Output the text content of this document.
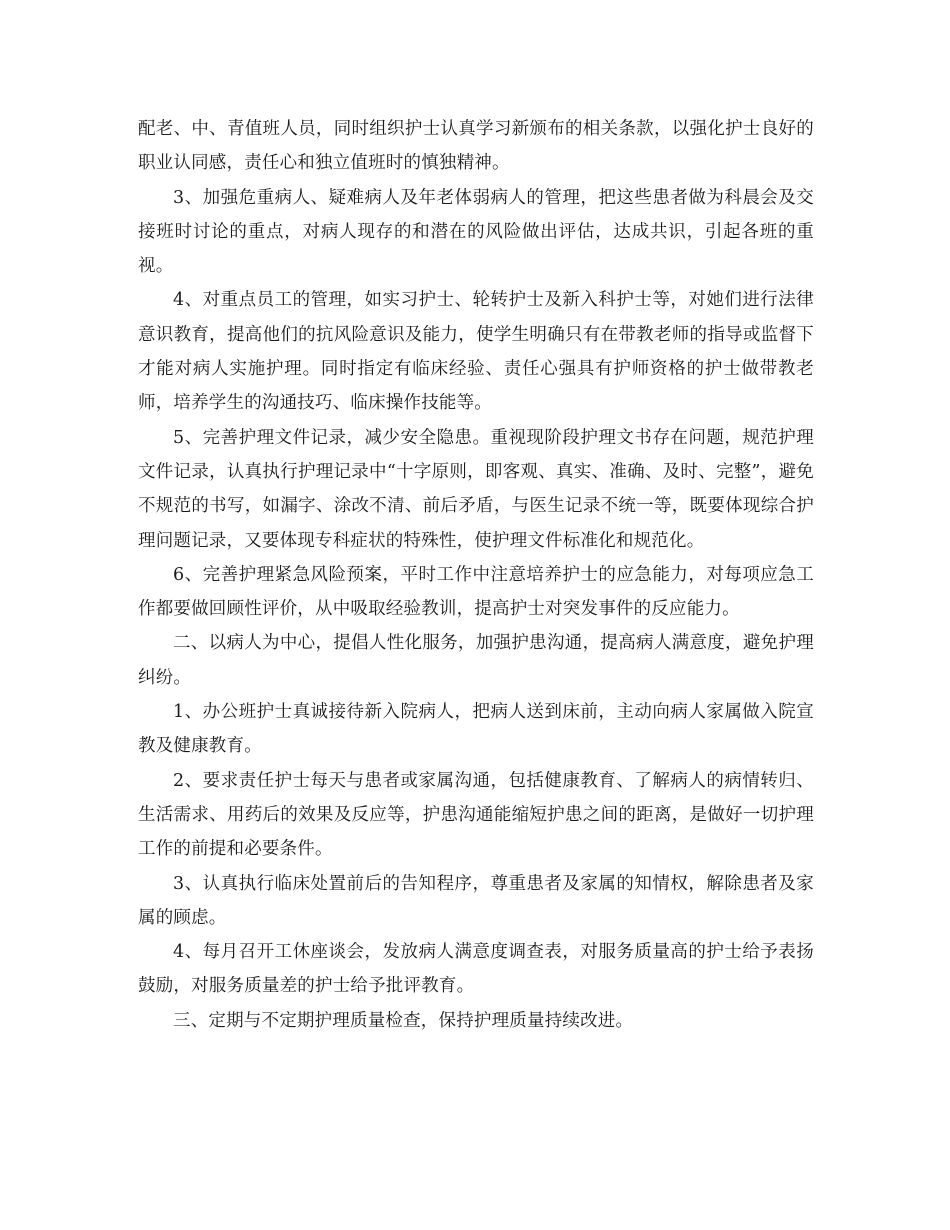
配老、中、青值班人员，同时组织护士认真学习新颁布的相关条款，以强化护士良好的职业认同感，责任心和独立值班时的慎独精神。

3、加强危重病人、疑难病人及年老体弱病人的管理，把这些患者做为科晨会及交接班时讨论的重点，对病人现存的和潜在的风险做出评估，达成共识，引起各班的重视。

4、对重点员工的管理，如实习护士、轮转护士及新入科护士等，对她们进行法律意识教育，提高他们的抗风险意识及能力，使学生明确只有在带教老师的指导或监督下才能对病人实施护理。同时指定有临床经验、责任心强具有护师资格的护士做带教老师，培养学生的沟通技巧、临床操作技能等。

5、完善护理文件记录，减少安全隐患。重视现阶段护理文书存在问题，规范护理文件记录，认真执行护理记录中“十字原则，即客观、真实、准确、及时、完整”，避免不规范的书写，如漏字、涂改不清、前后矛盾，与医生记录不统一等，既要体现综合护理问题记录，又要体现专科症状的特殊性，使护理文件标准化和规范化。

6、完善护理紧急风险预案，平时工作中注意培养护士的应急能力，对每项应急工作都要做回顾性评价，从中吸取经验教训，提高护士对突发事件的反应能力。

二、以病人为中心，提倡人性化服务，加强护患沟通，提高病人满意度，避免护理纠纷。

1、办公班护士真诚接待新入院病人，把病人送到床前，主动向病人家属做入院宣教及健康教育。

2、要求责任护士每天与患者或家属沟通，包括健康教育、了解病人的病情转归、生活需求、用药后的效果及反应等，护患沟通能缩短护患之间的距离，是做好一切护理工作的前提和必要条件。

3、认真执行临床处置前后的告知程序，尊重患者及家属的知情权，解除患者及家属的顾虑。

4、每月召开工休座谈会，发放病人满意度调查表，对服务质量高的护士给予表扬鼓励，对服务质量差的护士给予批评教育。

三、定期与不定期护理质量检查，保持护理质量持续改进。
